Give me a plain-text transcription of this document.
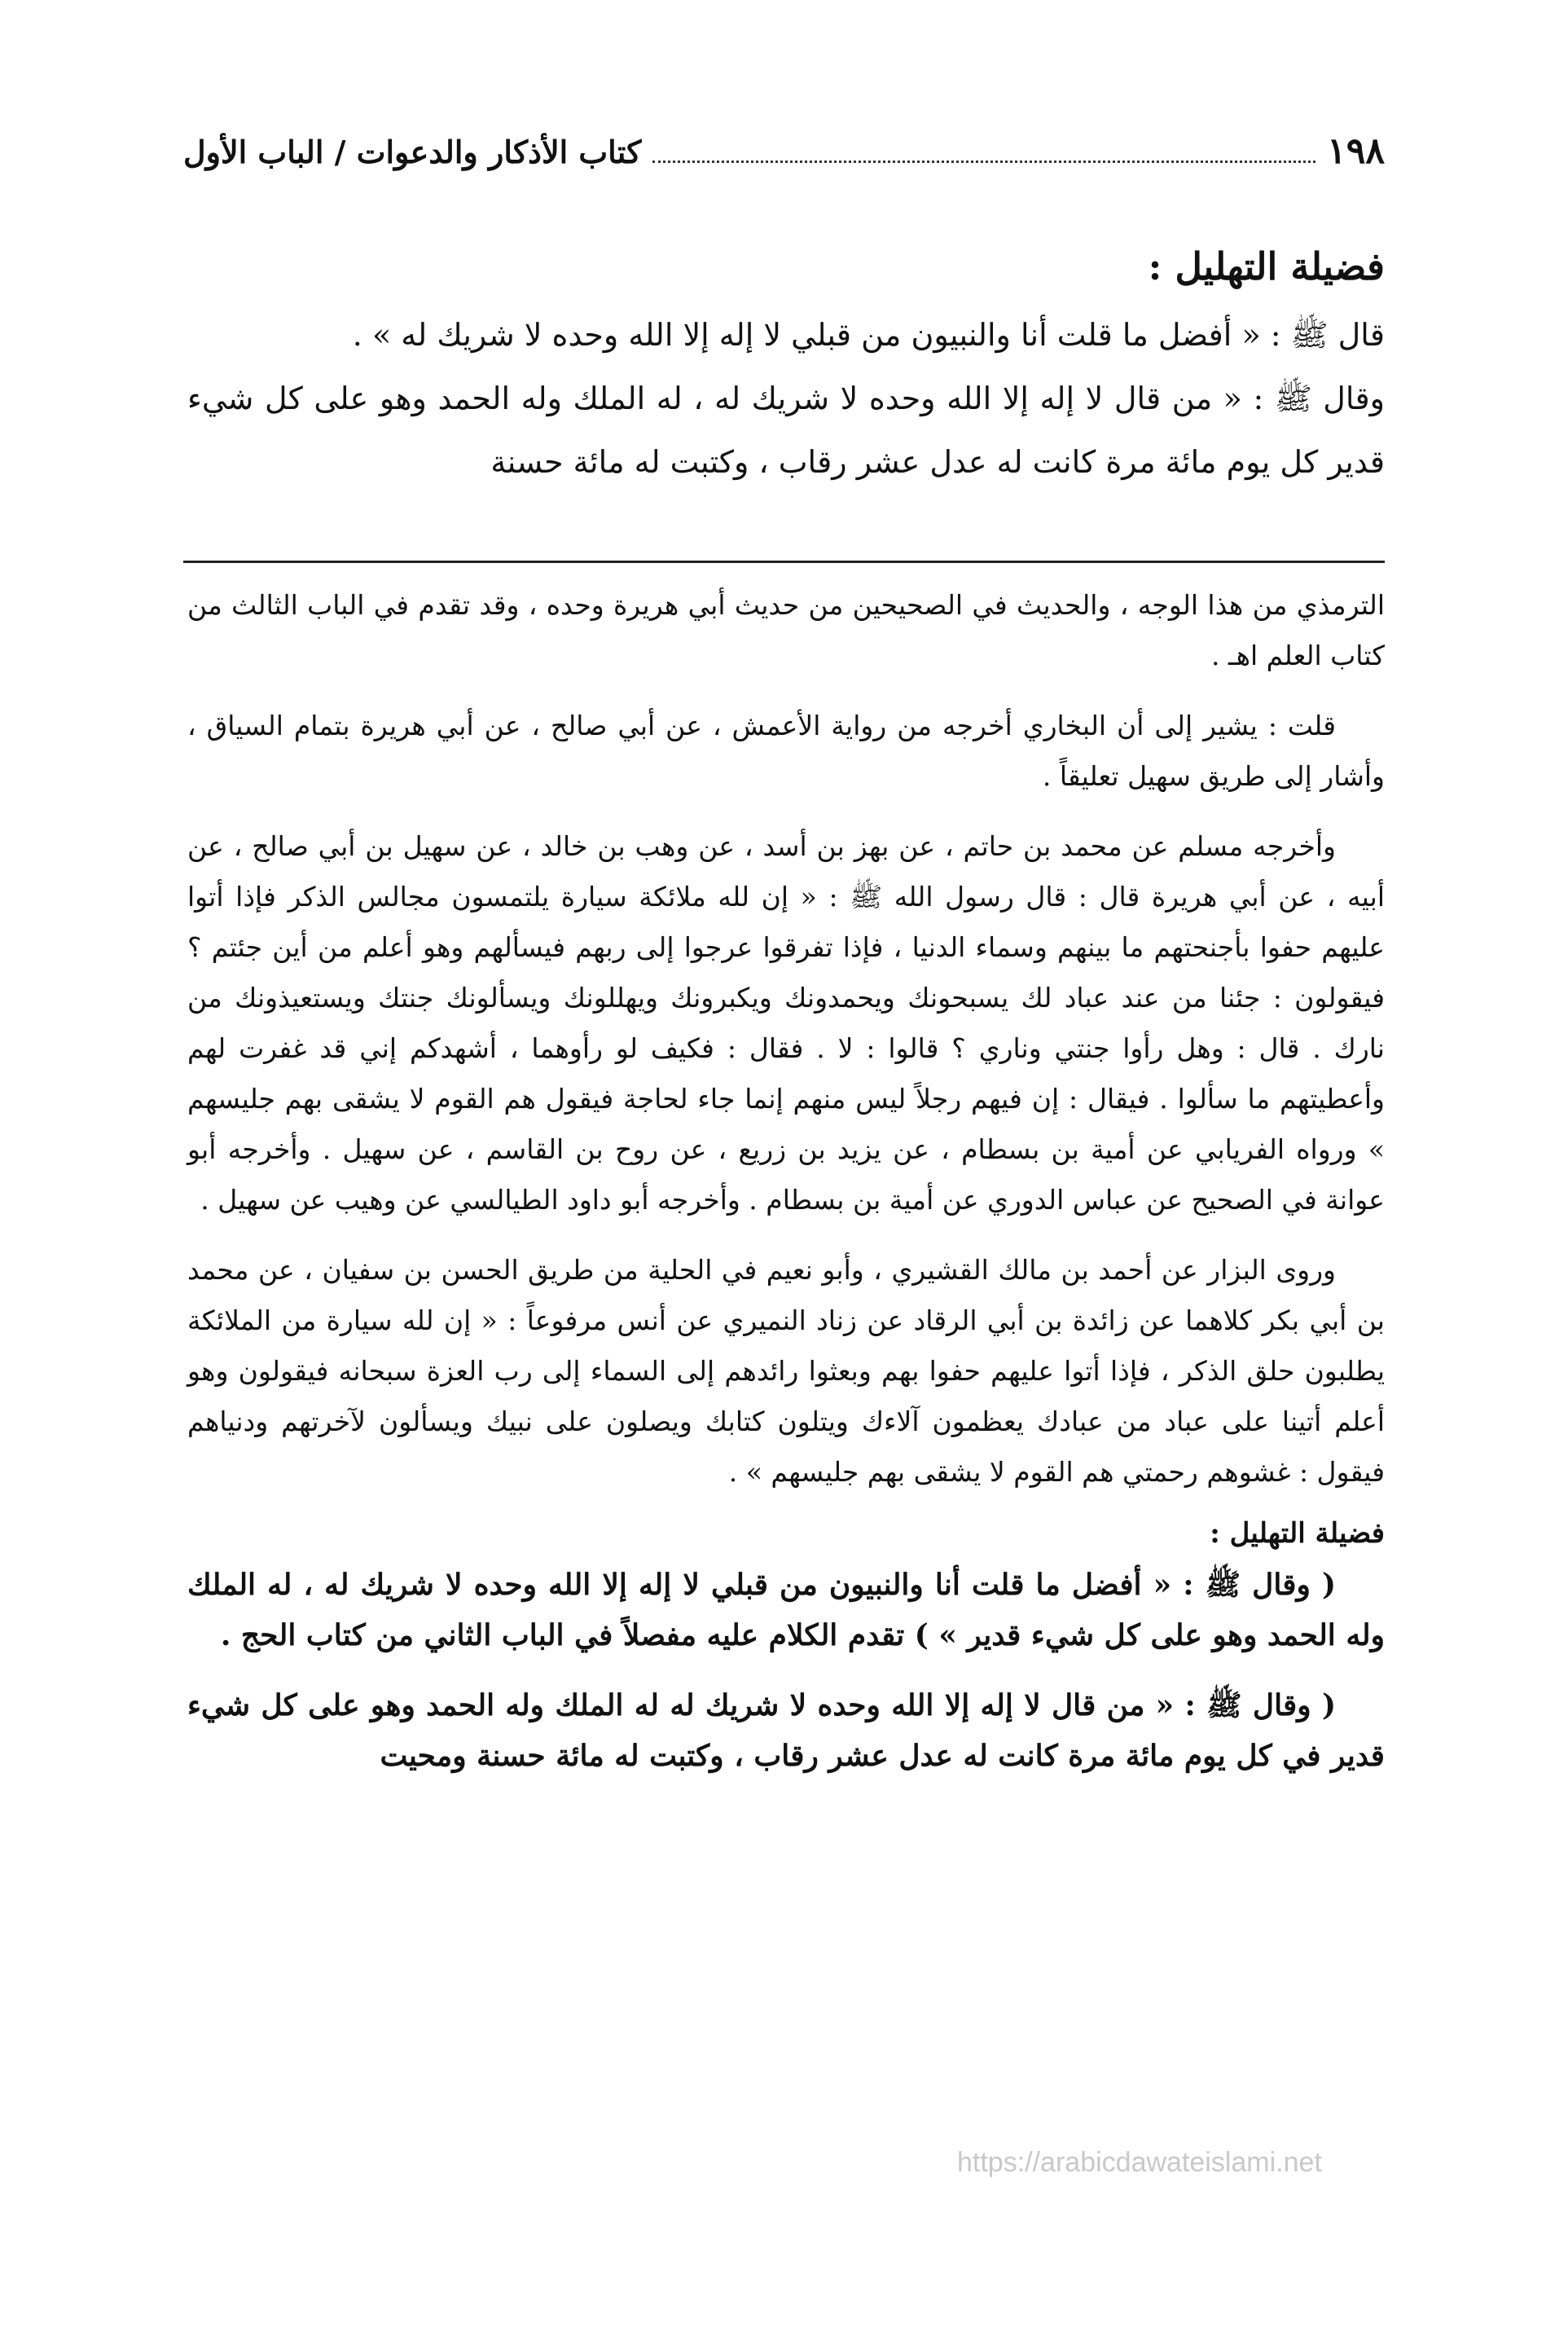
١٩٨
كتاب الأذكار والدعوات / الباب الأول
فضيلة التهليل :

قال ﷺ : « أفضل ما قلت أنا والنبيون من قبلي لا إله إلا الله وحده لا شريك له » .

وقال ﷺ : « من قال لا إله إلا الله وحده لا شريك له ، له الملك وله الحمد وهو على كل شيء قدير كل يوم مائة مرة كانت له عدل عشر رقاب ، وكتبت له مائة حسنة

الترمذي من هذا الوجه ، والحديث في الصحيحين من حديث أبي هريرة وحده ، وقد تقدم في الباب الثالث من كتاب العلم اهـ .

قلت : يشير إلى أن البخاري أخرجه من رواية الأعمش ، عن أبي صالح ، عن أبي هريرة بتمام السياق ، وأشار إلى طريق سهيل تعليقاً .

وأخرجه مسلم عن محمد بن حاتم ، عن بهز بن أسد ، عن وهب بن خالد ، عن سهيل بن أبي صالح ، عن أبيه ، عن أبي هريرة قال : قال رسول الله ﷺ : « إن لله ملائكة سيارة يلتمسون مجالس الذكر فإذا أتوا عليهم حفوا بأجنحتهم ما بينهم وسماء الدنيا ، فإذا تفرقوا عرجوا إلى ربهم فيسألهم وهو أعلم من أين جئتم ؟ فيقولون : جئنا من عند عباد لك يسبحونك ويحمدونك ويكبرونك ويهللونك ويسألونك جنتك ويستعيذونك من نارك . قال : وهل رأوا جنتي وناري ؟ قالوا : لا . فقال : فكيف لو رأوهما ، أشهدكم إني قد غفرت لهم وأعطيتهم ما سألوا . فيقال : إن فيهم رجلاً ليس منهم إنما جاء لحاجة فيقول هم القوم لا يشقى بهم جليسهم » ورواه الفريابي عن أمية بن بسطام ، عن يزيد بن زريع ، عن روح بن القاسم ، عن سهيل . وأخرجه أبو عوانة في الصحيح عن عباس الدوري عن أمية بن بسطام . وأخرجه أبو داود الطيالسي عن وهيب عن سهيل .

وروى البزار عن أحمد بن مالك القشيري ، وأبو نعيم في الحلية من طريق الحسن بن سفيان ، عن محمد بن أبي بكر كلاهما عن زائدة بن أبي الرقاد عن زناد النميري عن أنس مرفوعاً : « إن لله سيارة من الملائكة يطلبون حلق الذكر ، فإذا أتوا عليهم حفوا بهم وبعثوا رائدهم إلى السماء إلى رب العزة سبحانه فيقولون وهو أعلم أتينا على عباد من عبادك يعظمون آلاءك ويتلون كتابك ويصلون على نبيك ويسألون لآخرتهم ودنياهم فيقول : غشوهم رحمتي هم القوم لا يشقى بهم جليسهم » .

فضيلة التهليل :

( وقال ﷺ : « أفضل ما قلت أنا والنبيون من قبلي لا إله إلا الله وحده لا شريك له ، له الملك وله الحمد وهو على كل شيء قدير » ) تقدم الكلام عليه مفصلاً في الباب الثاني من كتاب الحج .

( وقال ﷺ : « من قال لا إله إلا الله وحده لا شريك له له الملك وله الحمد وهو على كل شيء قدير في كل يوم مائة مرة كانت له عدل عشر رقاب ، وكتبت له مائة حسنة ومحيت

https://arabicdawateislami.net
